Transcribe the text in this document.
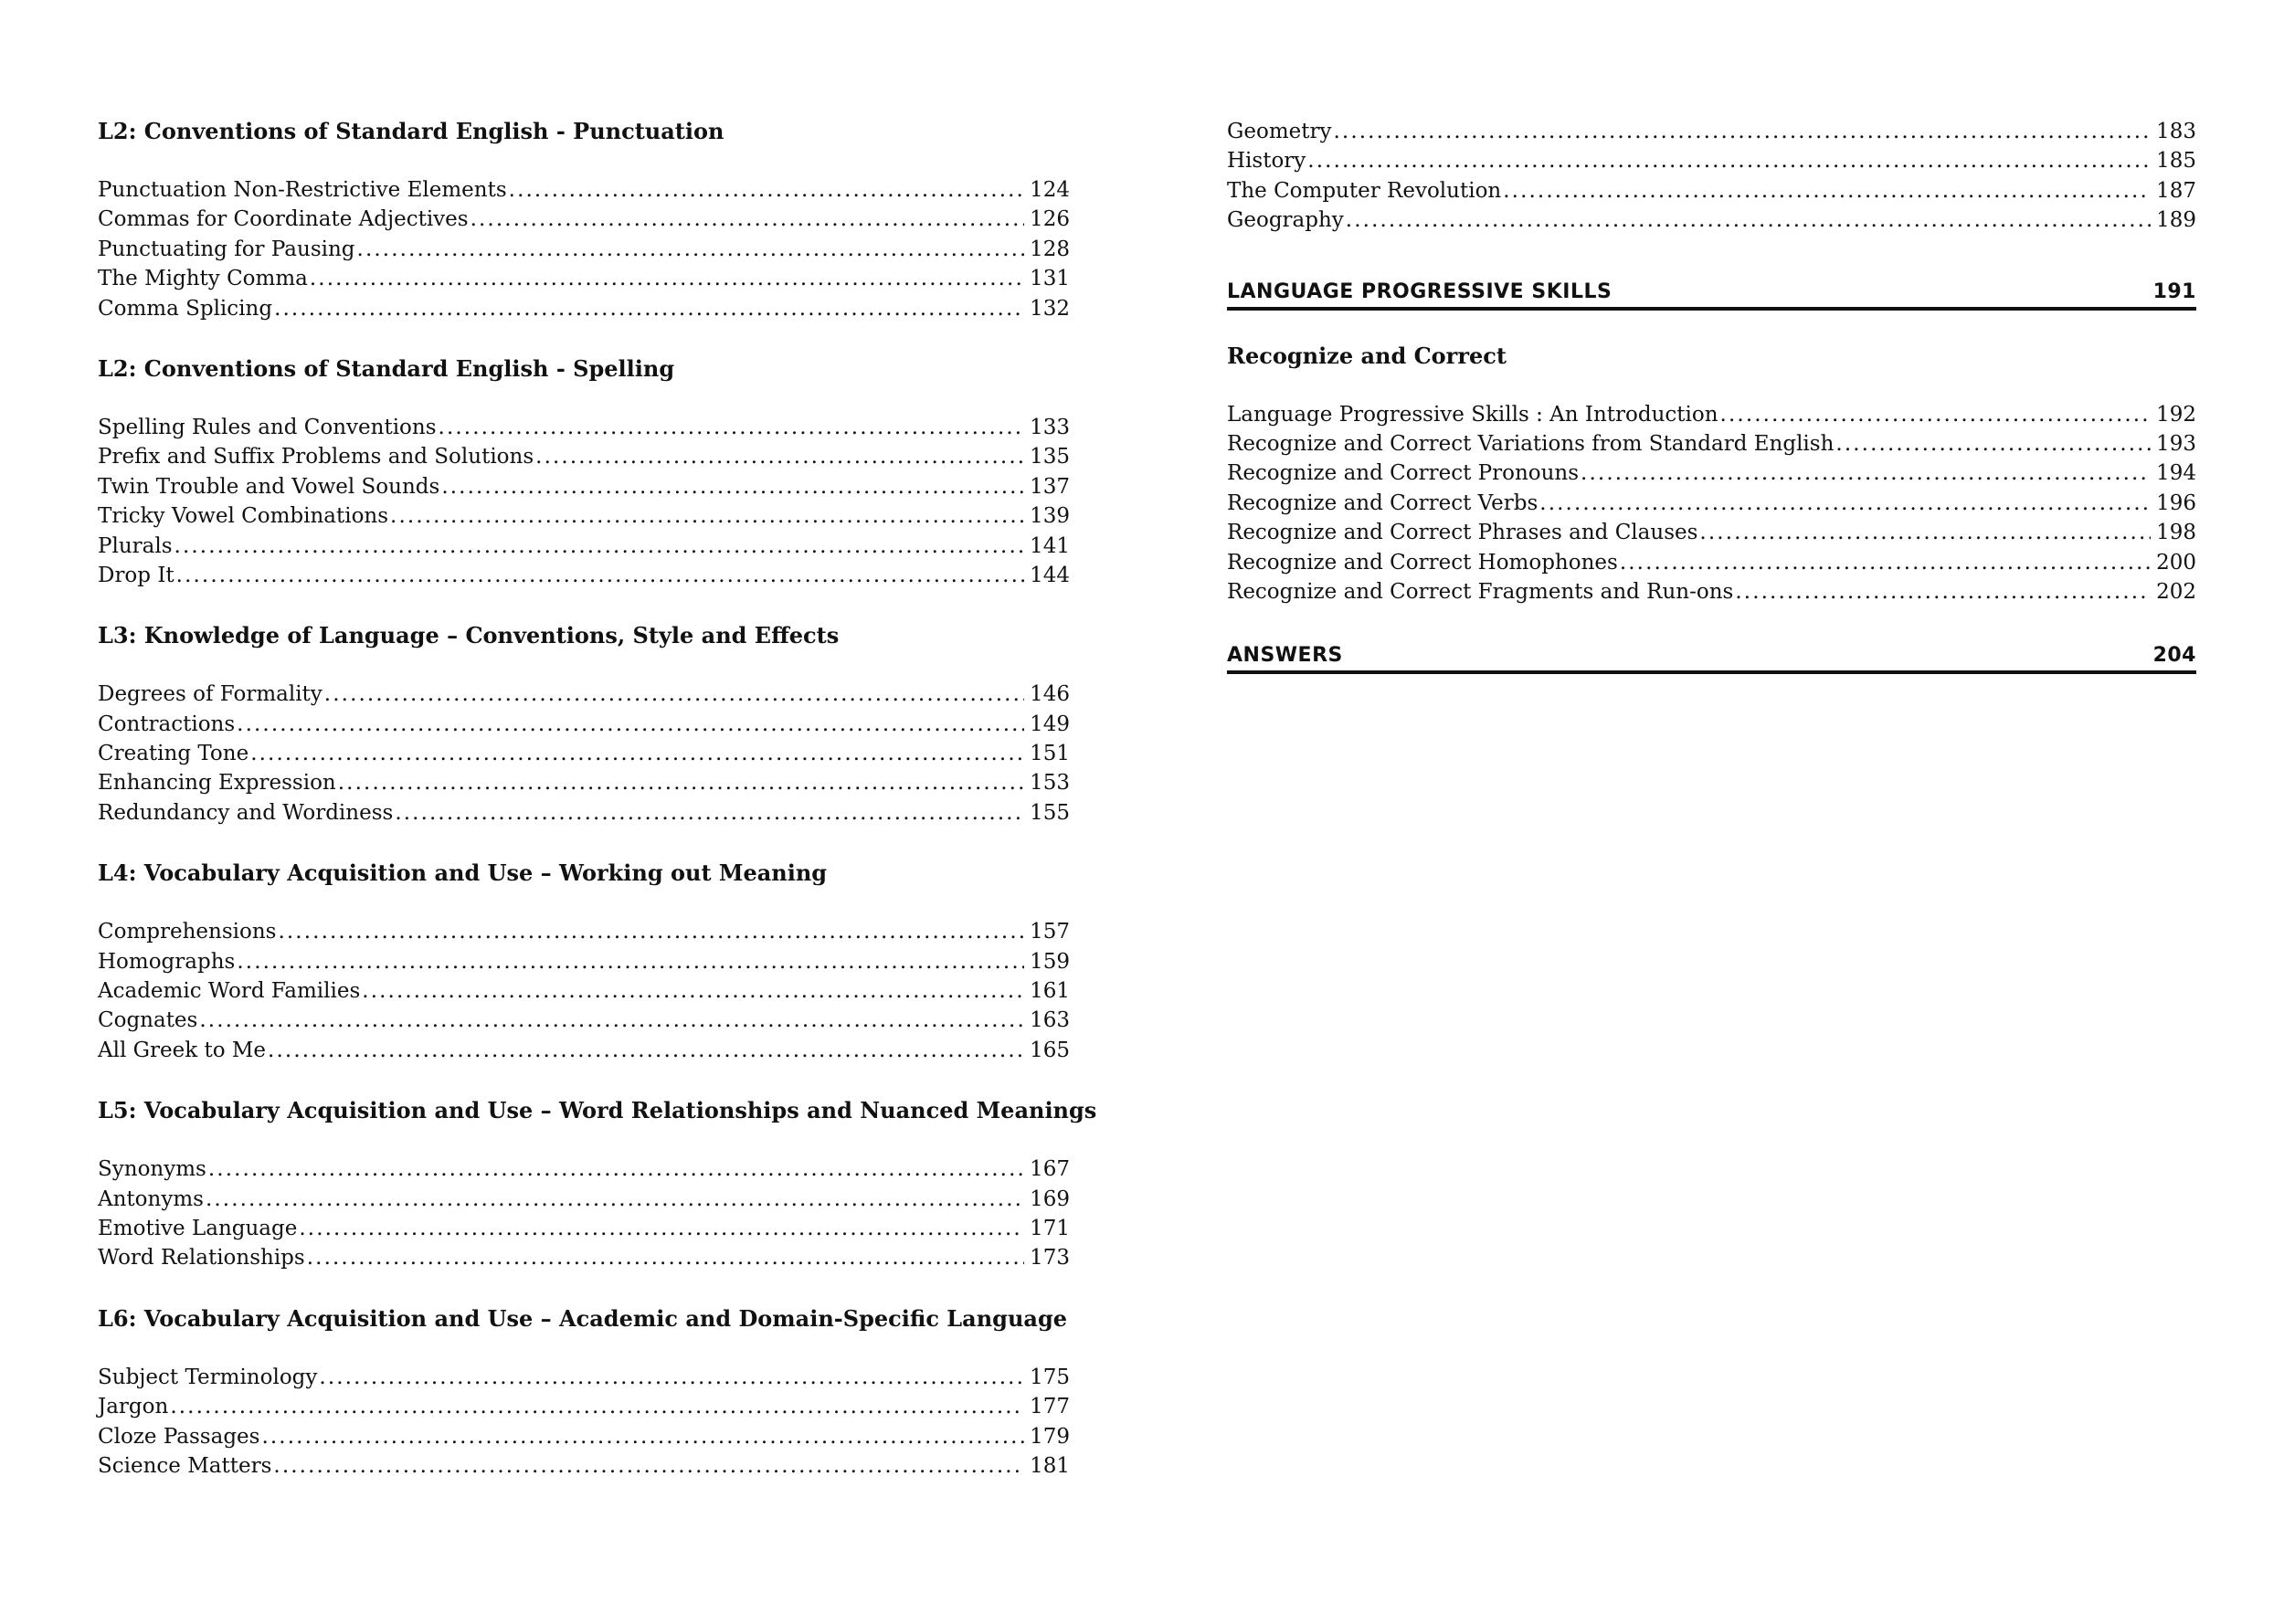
L2: Conventions of Standard English - Punctuation
Punctuation Non-Restrictive Elements . . .	124
Commas for Coordinate Adjectives . . .	126
Punctuating for Pausing . . .	128
The Mighty Comma . . .	131
Comma Splicing . . .	132
L2: Conventions of Standard English - Spelling
Spelling Rules and Conventions . . .	133
Prefix and Suffix Problems and Solutions . . .	135
Twin Trouble and Vowel Sounds . . .	137
Tricky Vowel Combinations . . .	139
Plurals . . .	141
Drop It . . .	144
L3: Knowledge of Language – Conventions, Style and Effects
Degrees of Formality . . .	146
Contractions . . .	149
Creating Tone . . .	151
Enhancing Expression . . .	153
Redundancy and Wordiness . . .	155
L4: Vocabulary Acquisition and Use – Working out Meaning
Comprehensions . . .	157
Homographs . . .	159
Academic Word Families . . .	161
Cognates . . .	163
All Greek to Me . . .	165
L5: Vocabulary Acquisition and Use – Word Relationships and Nuanced Meanings
Synonyms . . .	167
Antonyms . . .	169
Emotive Language . . .	171
Word Relationships . . .	173
L6: Vocabulary Acquisition and Use – Academic and Domain-Specific Language
Subject Terminology . . .	175
Jargon . . .	177
Cloze Passages . . .	179
Science Matters . . .	181
Geometry . . .	183
History . . .	185
The Computer Revolution . . .	187
Geography . . .	189
LANGUAGE PROGRESSIVE SKILLS	191
Recognize and Correct
Language Progressive Skills : An Introduction . . .	192
Recognize and Correct Variations from Standard English . . .	193
Recognize and Correct Pronouns . . .	194
Recognize and Correct Verbs . . .	196
Recognize and Correct Phrases and Clauses . . .	198
Recognize and Correct Homophones . . .	200
Recognize and Correct Fragments and Run-ons . . .	202
ANSWERS	204
